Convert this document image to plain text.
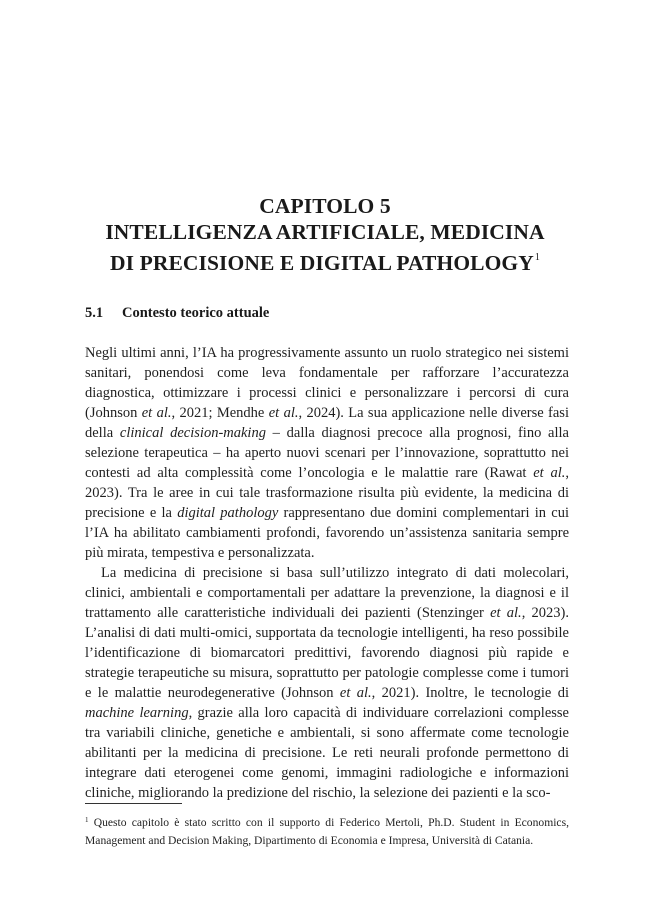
CAPITOLO 5
INTELLIGENZA ARTIFICIALE, MEDICINA
DI PRECISIONE E DIGITAL PATHOLOGY$^1$
5.1 Contesto teorico attuale

Negli ultimi anni, l’IA ha progressivamente assunto un ruolo strategico nei sistemi sanitari, ponendosi come leva fondamentale per rafforzare l’accuratezza diagnostica, ottimizzare i processi clinici e personalizzare i percorsi di cura (Johnson et al., 2021; Mendhe et al., 2024). La sua applicazione nelle diverse fasi della clinical decision-making – dalla diagnosi precoce alla prognosi, fino alla selezione terapeutica – ha aperto nuovi scenari per l’innovazione, soprattutto nei contesti ad alta complessità come l’oncologia e le malattie rare (Rawat et al., 2023). Tra le aree in cui tale trasformazione risulta più evidente, la medicina di precisione e la digital pathology rappresentano due domini complementari in cui l’IA ha abilitato cambiamenti profondi, favorendo un’assistenza sanitaria sempre più mirata, tempestiva e personalizzata.

La medicina di precisione si basa sull’utilizzo integrato di dati molecolari, clinici, ambientali e comportamentali per adattare la prevenzione, la diagnosi e il trattamento alle caratteristiche individuali dei pazienti (Stenzinger et al., 2023). L’analisi di dati multi-omici, supportata da tecnologie intelligenti, ha reso possibile l’identificazione di biomarcatori predittivi, favorendo diagnosi più rapide e strategie terapeutiche su misura, soprattutto per patologie complesse come i tumori e le malattie neurodegenerative (Johnson et al., 2021). Inoltre, le tecnologie di machine learning, grazie alla loro capacità di individuare correlazioni complesse tra variabili cliniche, genetiche e ambientali, si sono affermate come tecnologie abilitanti per la medicina di precisione. Le reti neurali profonde permettono di integrare dati eterogenei come genomi, immagini radiologiche e informazioni cliniche, migliorando la predizione del rischio, la selezione dei pazienti e la sco-

$^1$ Questo capitolo è stato scritto con il supporto di Federico Mertoli, Ph.D. Student in Economics, Management and Decision Making, Dipartimento di Economia e Impresa, Università di Catania.
